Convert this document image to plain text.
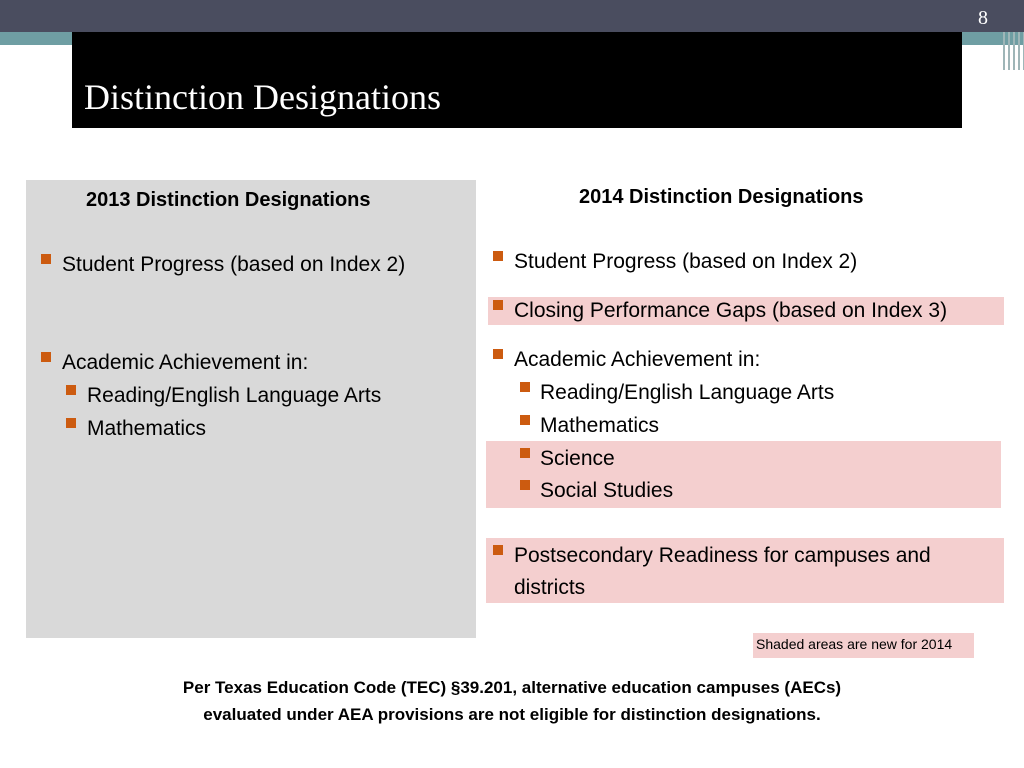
8
Distinction Designations
2013 Distinction Designations
Student Progress (based on Index 2)
Academic Achievement in:
Reading/English Language Arts
Mathematics
2014 Distinction Designations
Student Progress (based on Index 2)
Closing Performance Gaps (based on Index 3)
Academic Achievement in:
Reading/English Language Arts
Mathematics
Science
Social Studies
Postsecondary Readiness for campuses and
districts
Shaded areas are new for 2014
Per Texas Education Code (TEC) §39.201, alternative education campuses (AECs)
evaluated under AEA provisions are not eligible for distinction designations.
